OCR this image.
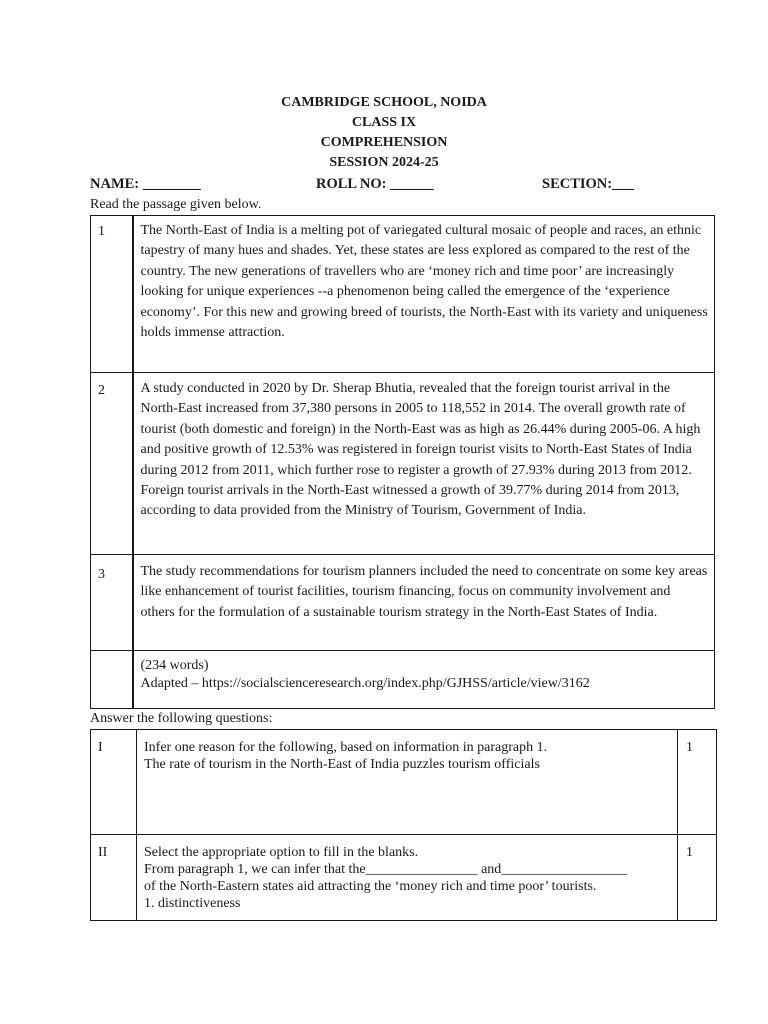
CAMBRIDGE SCHOOL, NOIDA
CLASS IX
COMPREHENSION
SESSION 2024-25
NAME: ________	ROLL NO: ______	SECTION:___
Read the passage given below.
1	The North-East of India is a melting pot of variegated cultural mosaic of people and races, an ethnic tapestry of many hues and shades. Yet, these states are less explored as compared to the rest of the country. The new generations of travellers who are ‘money rich and time poor’ are increasingly looking for unique experiences --a phenomenon being called the emergence of the ‘experience economy’. For this new and growing breed of tourists, the North-East with its variety and uniqueness holds immense attraction.
2	A study conducted in 2020 by Dr. Sherap Bhutia, revealed that the foreign tourist arrival in the North-East increased from 37,380 persons in 2005 to 118,552 in 2014. The overall growth rate of tourist (both domestic and foreign) in the North-East was as high as 26.44% during 2005-06. A high and positive growth of 12.53% was registered in foreign tourist visits to North-East States of India during 2012 from 2011, which further rose to register a growth of 27.93% during 2013 from 2012. Foreign tourist arrivals in the North-East witnessed a growth of 39.77% during 2014 from 2013, according to data provided from the Ministry of Tourism, Government of India.
3	The study recommendations for tourism planners included the need to concentrate on some key areas like enhancement of tourist facilities, tourism financing, focus on community involvement and others for the formulation of a sustainable tourism strategy in the North-East States of India.

	(234 words)

Adapted – https://socialscienceresearch.org/index.php/GJHSS/article/view/3162

Answer the following questions:
I	Infer one reason for the following, based on information in paragraph 1.

The rate of tourism in the North-East of India puzzles tourism officials	1
II	Select the appropriate option to fill in the blanks.

From paragraph 1, we can infer that the________________ and__________________

of the North-Eastern states aid attracting the ‘money rich and time poor’ tourists.

1. distinctiveness	1
